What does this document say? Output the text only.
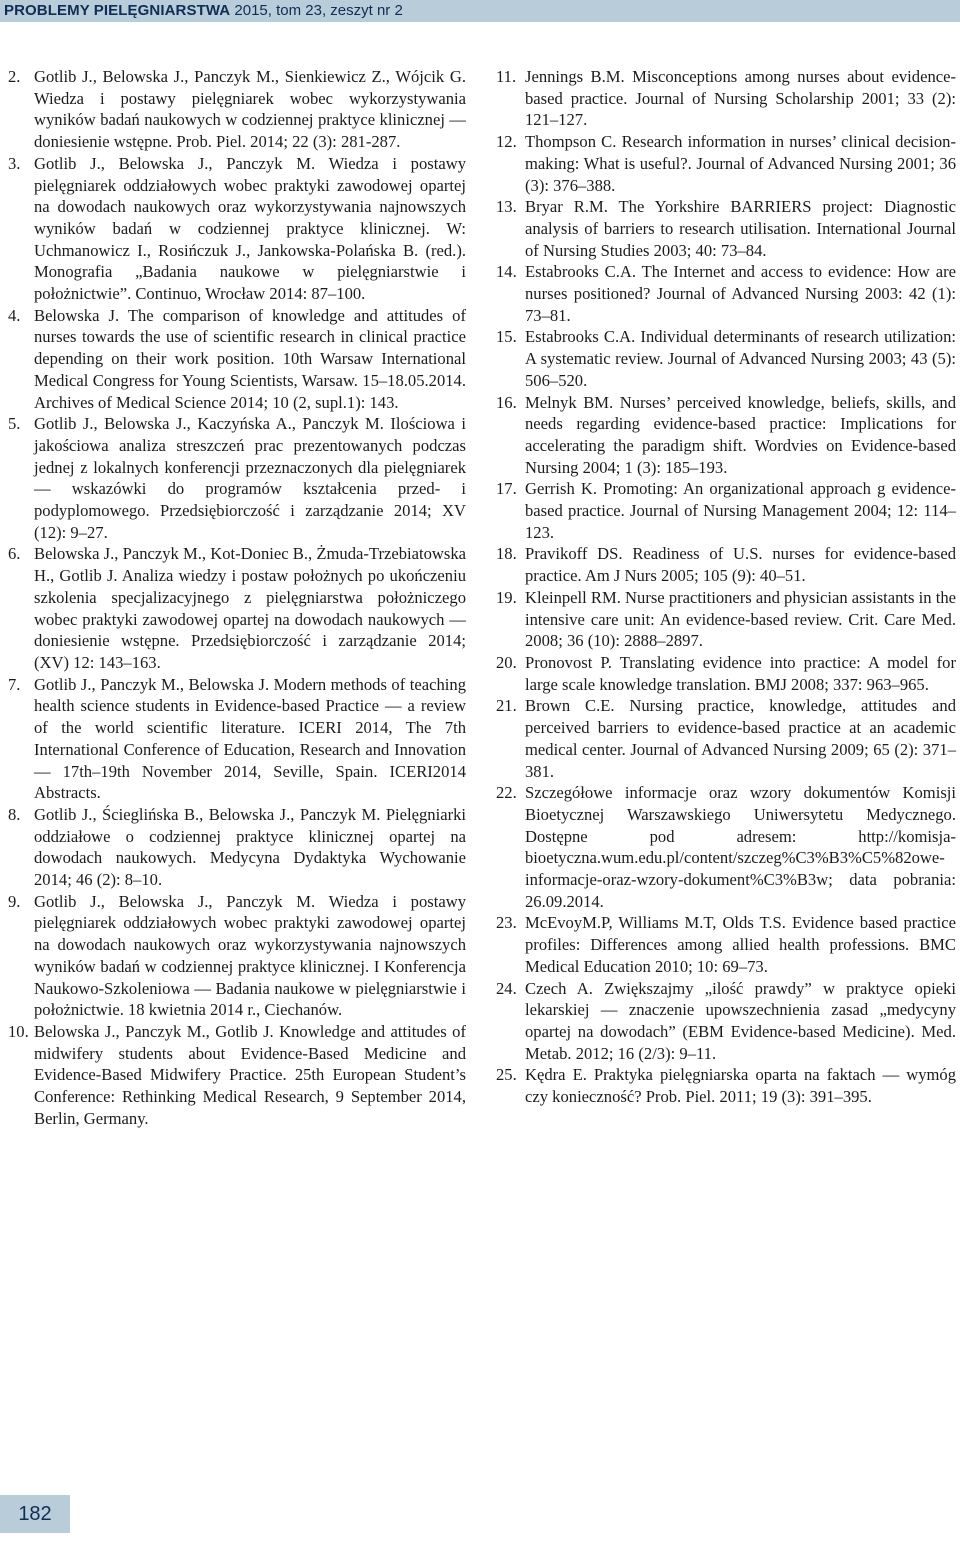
PROBLEMY PIELĘGNIARSTWA 2015, tom 23, zeszyt nr 2
2. Gotlib J., Belowska J., Panczyk M., Sienkiewicz Z., Wójcik G. Wiedza i postawy pielęgniarek wobec wykorzystywania wyników badań naukowych w codziennej praktyce klinicznej — doniesienie wstępne. Prob. Piel. 2014; 22 (3): 281-287.
3. Gotlib J., Belowska J., Panczyk M. Wiedza i postawy pielęgniarek oddziałowych wobec praktyki zawodowej opartej na dowodach naukowych oraz wykorzystywania najnowszych wyników badań w codziennej praktyce klinicznej. W: Uchmanowicz I., Rosińczuk J., Jankowska-Polańska B. (red.). Monografia „Badania naukowe w pielęgniarstwie i położnictwie”. Continuo, Wrocław 2014: 87–100.
4. Belowska J. The comparison of knowledge and attitudes of nurses towards the use of scientific research in clinical practice depending on their work position. 10th Warsaw International Medical Congress for Young Scientists, Warsaw. 15–18.05.2014. Archives of Medical Science 2014; 10 (2, supl.1): 143.
5. Gotlib J., Belowska J., Kaczyńska A., Panczyk M. Ilościowa i jakościowa analiza streszczeń prac prezentowanych podczas jednej z lokalnych konferencji przeznaczonych dla pielęgniarek — wskazówki do programów kształcenia przed- i podyplomowego. Przedsiębiorczość i zarządzanie 2014; XV (12): 9–27.
6. Belowska J., Panczyk M., Kot-Doniec B., Żmuda-Trzebiatowska H., Gotlib J. Analiza wiedzy i postaw położnych po ukończeniu szkolenia specjalizacyjnego z pielęgniarstwa położniczego wobec praktyki zawodowej opartej na dowodach naukowych — doniesienie wstępne. Przedsiębiorczość i zarządzanie 2014; (XV) 12: 143–163.
7. Gotlib J., Panczyk M., Belowska J. Modern methods of teaching health science students in Evidence-based Practice — a review of the world scientific literature. ICERI 2014, The 7th International Conference of Education, Research and Innovation — 17th–19th November 2014, Seville, Spain. ICERI2014 Abstracts.
8. Gotlib J., Ścieglińska B., Belowska J., Panczyk M. Pielęgniarki oddziałowe o codziennej praktyce klinicznej opartej na dowodach naukowych. Medycyna Dydaktyka Wychowanie 2014; 46 (2): 8–10.
9. Gotlib J., Belowska J., Panczyk M. Wiedza i postawy pielęgniarek oddziałowych wobec praktyki zawodowej opartej na dowodach naukowych oraz wykorzystywania najnowszych wyników badań w codziennej praktyce klinicznej. I Konferencja Naukowo-Szkoleniowa — Badania naukowe w pielęgniarstwie i położnictwie. 18 kwietnia 2014 r., Ciechanów.
10. Belowska J., Panczyk M., Gotlib J. Knowledge and attitudes of midwifery students about Evidence-Based Medicine and Evidence-Based Midwifery Practice. 25th European Student’s Conference: Rethinking Medical Research, 9 September 2014, Berlin, Germany.
11. Jennings B.M. Misconceptions among nurses about evidence-based practice. Journal of Nursing Scholarship 2001; 33 (2): 121–127.
12. Thompson C. Research information in nurses’ clinical decision-making: What is useful?. Journal of Advanced Nursing 2001; 36 (3): 376–388.
13. Bryar R.M. The Yorkshire BARRIERS project: Diagnostic analysis of barriers to research utilisation. International Journal of Nursing Studies 2003; 40: 73–84.
14. Estabrooks C.A. The Internet and access to evidence: How are nurses positioned? Journal of Advanced Nursing 2003: 42 (1): 73–81.
15. Estabrooks C.A. Individual determinants of research utilization: A systematic review. Journal of Advanced Nursing 2003; 43 (5): 506–520.
16. Melnyk BM. Nurses’ perceived knowledge, beliefs, skills, and needs regarding evidence-based practice: Implications for accelerating the paradigm shift. Wordvies on Evidence-based Nursing 2004; 1 (3): 185–193.
17. Gerrish K. Promoting: An organizational approach g evidence-based practice. Journal of Nursing Management 2004; 12: 114–123.
18. Pravikoff DS. Readiness of U.S. nurses for evidence-based practice. Am J Nurs 2005; 105 (9): 40–51.
19. Kleinpell RM. Nurse practitioners and physician assistants in the intensive care unit: An evidence-based review. Crit. Care Med. 2008; 36 (10): 2888–2897.
20. Pronovost P. Translating evidence into practice: A model for large scale knowledge translation. BMJ 2008; 337: 963–965.
21. Brown C.E. Nursing practice, knowledge, attitudes and perceived barriers to evidence-based practice at an academic medical center. Journal of Advanced Nursing 2009; 65 (2): 371–381.
22. Szczegółowe informacje oraz wzory dokumentów Komisji Bioetycznej Warszawskiego Uniwersytetu Medycznego. Dostępne pod adresem: http://komisja-bioetyczna.wum.edu.pl/content/szczeg%C3%B3%C5%82owe-informacje-oraz-wzory-dokument%C3%B3w; data pobrania: 26.09.2014.
23. McEvoyM.P, Williams M.T, Olds T.S. Evidence based practice profiles: Differences among allied health professions. BMC Medical Education 2010; 10: 69–73.
24. Czech A. Zwiększajmy „ilość prawdy” w praktyce opieki lekarskiej — znaczenie upowszechnienia zasad „medycyny opartej na dowodach” (EBM Evidence-based Medicine). Med. Metab. 2012; 16 (2/3): 9–11.
25. Kędra E. Praktyka pielęgniarska oparta na faktach — wymóg czy konieczność? Prob. Piel. 2011; 19 (3): 391–395.
182
